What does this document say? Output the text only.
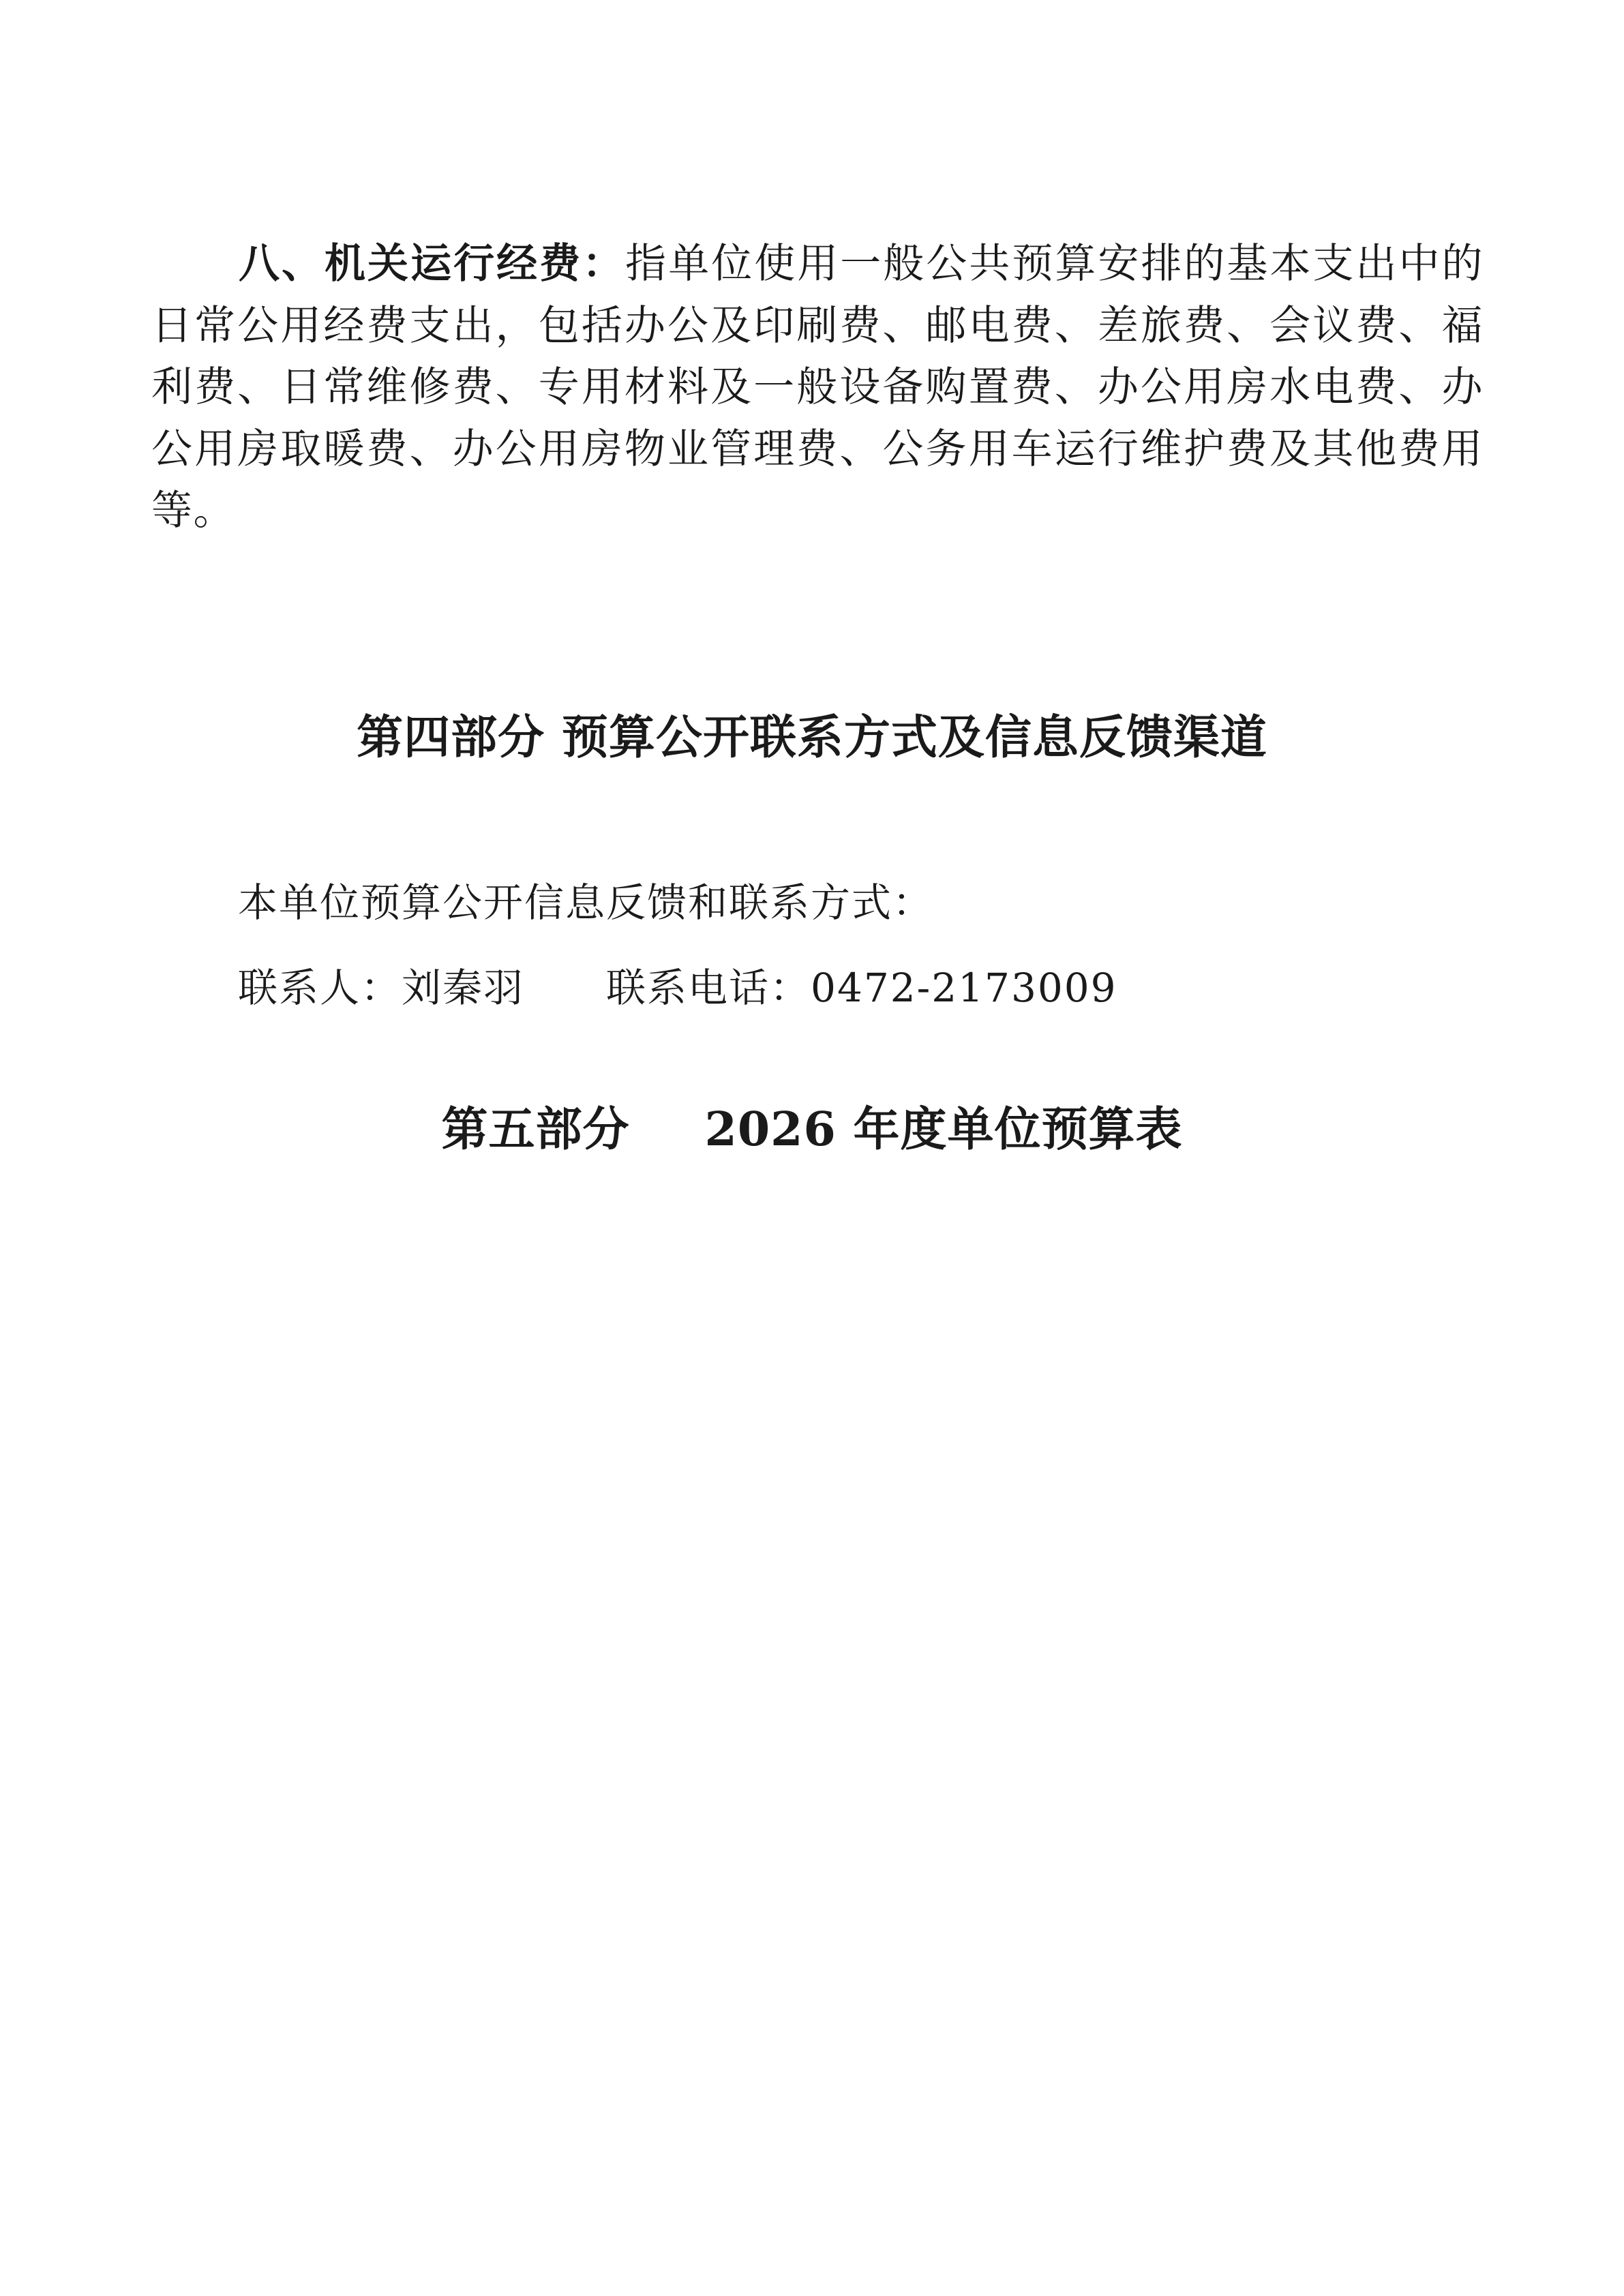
八、机关运行经费：指单位使用一般公共预算安排的基本支出中的日常公用经费支出，包括办公及印刷费、邮电费、差旅费、会议费、福利费、日常维修费、专用材料及一般设备购置费、办公用房水电费、办公用房取暖费、办公用房物业管理费、公务用车运行维护费及其他费用等。

第四部分 预算公开联系方式及信息反馈渠道

本单位预算公开信息反馈和联系方式：

联系人：刘秦羽 联系电话：0472-2173009

第五部分 2026 年度单位预算表
